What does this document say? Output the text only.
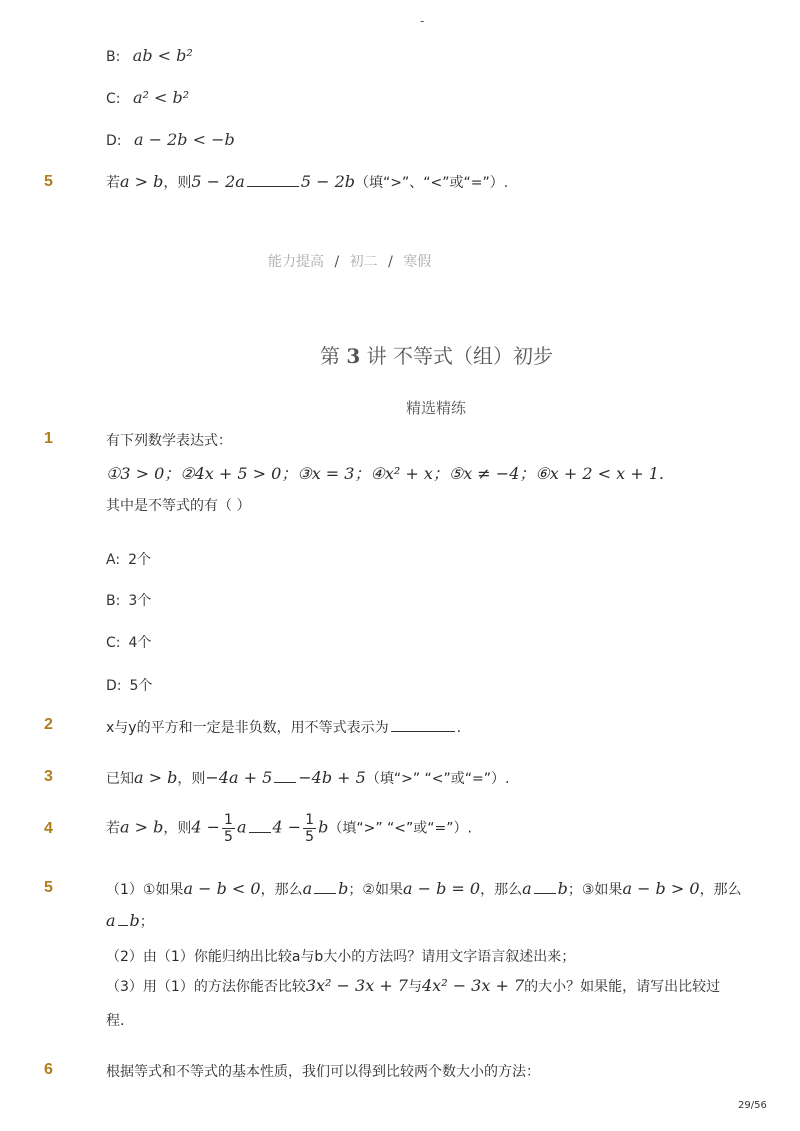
-
B: ab < b²
C: a² < b²
D: a − 2b < −b
5	若a > b，则5 − 2a	5 − 2b（填“>”、“<”或“=”）.
能力提高 / 初二 / 寒假
第 3 讲 不等式（组）初步
精选精练
1	有下列数学表达式：
①3 > 0；②4x + 5 > 0；③x = 3；④x² + x；⑤x ≠ −4；⑥x + 2 < x + 1.
其中是不等式的有（ ）
A: 2个
B: 3个
C: 4个
D: 5个
2	x与y的平方和一定是非负数，用不等式表示为	.
3	已知a > b，则−4a + 5 −4b + 5（填“>” “<”或“=”）.
4	若a > b，则$4 - \frac{1}{5}$ a $4 - \frac{1}{5} b$（填“>” “<”或“=”）.
5	（1）①如果a − b < 0，那么a b；②如果a − b = 0，那么a b；③如果a − b > 0，那么
a b；
（2）由（1）你能归纳出比较a与b大小的方法吗？请用文字语言叙述出来；
（3）用（1）的方法你能否比较3x² − 3x + 7与4x² − 3x + 7的大小？如果能，请写出比较过
程.
6	根据等式和不等式的基本性质，我们可以得到比较两个数大小的方法：
29/56
